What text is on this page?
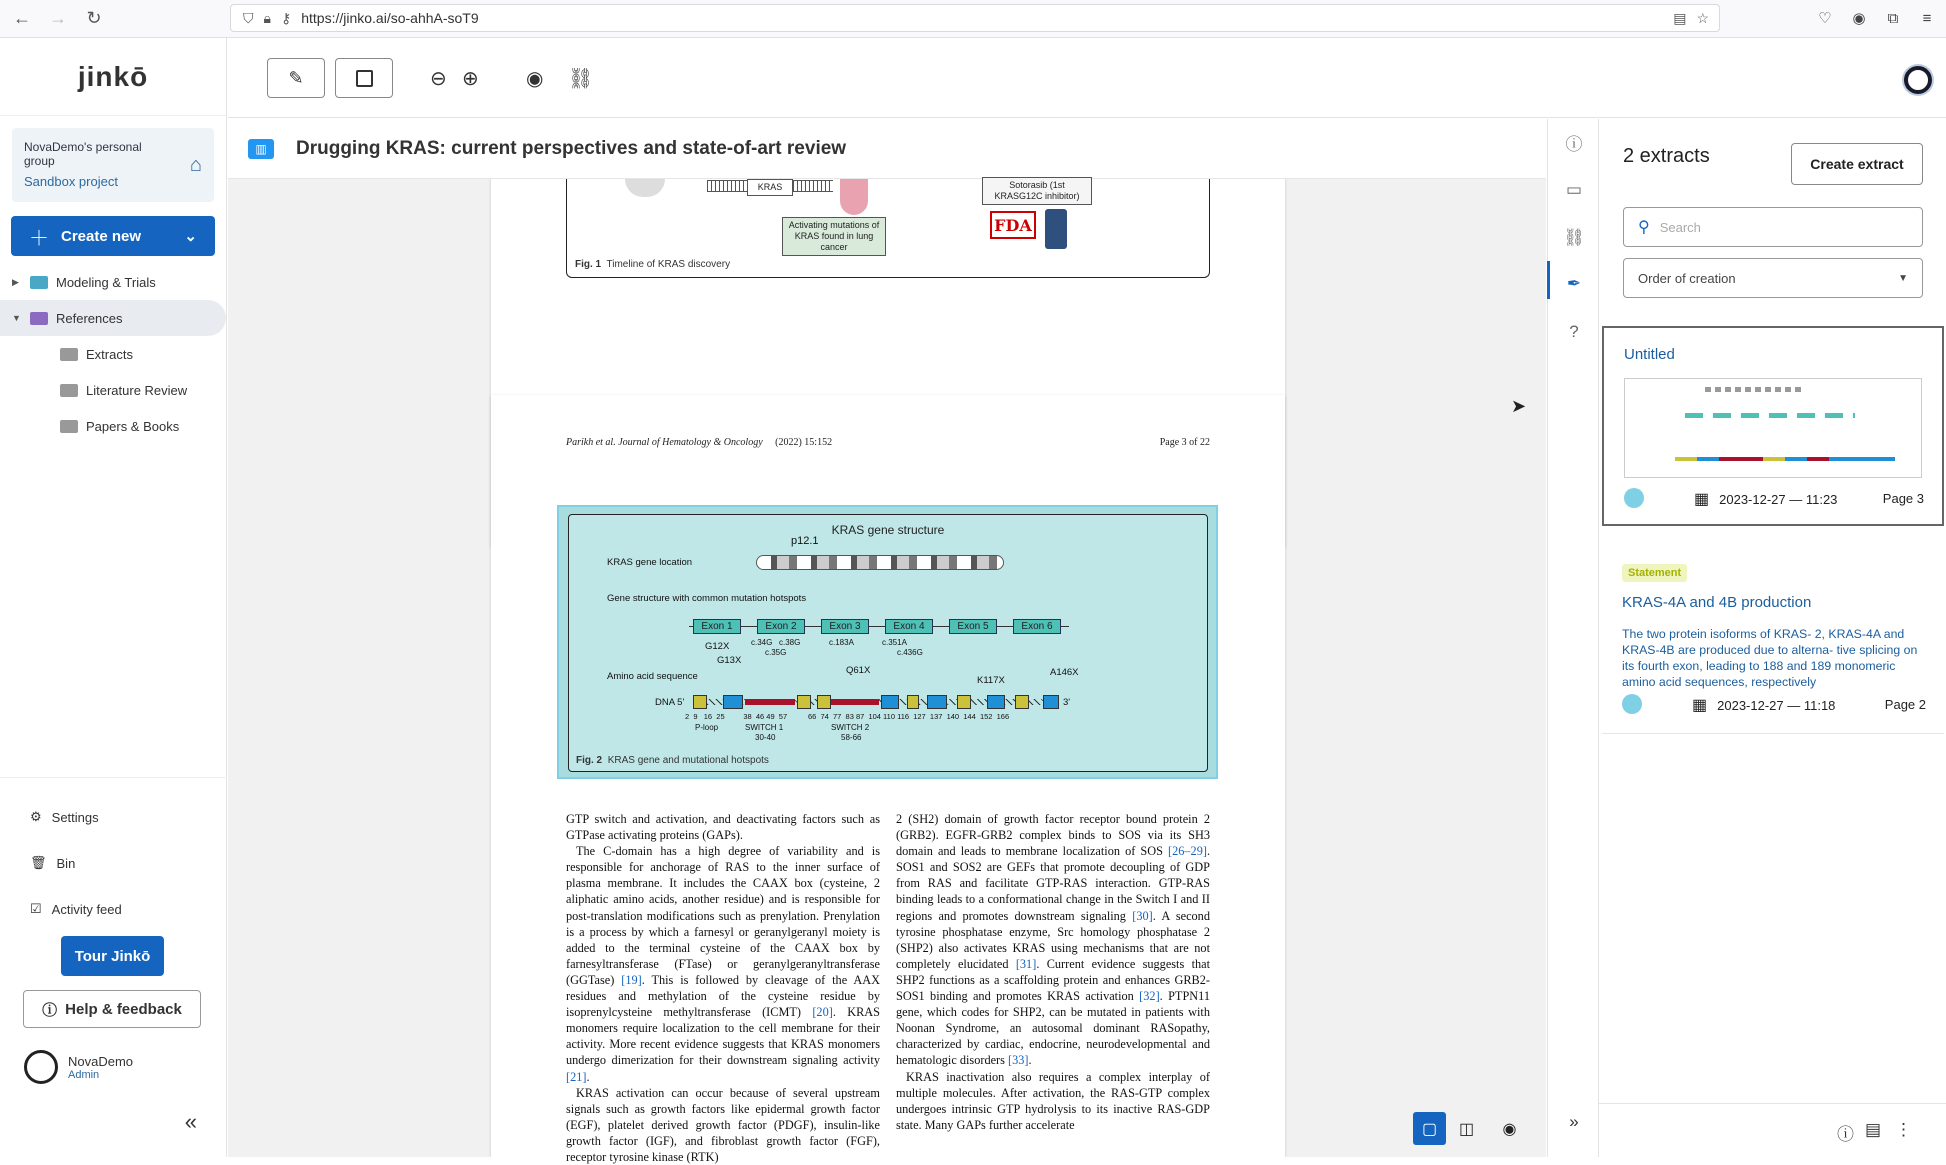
←	→	↻	⛉ 🔒︎ ⚷ https://jinko.ai/so-ahhA-soT9	▤ ☆	♡ ◉	⧉	≡
jinkō
NovaDemo's personal group
Sandbox project
⌂
＋ Create new	⌄
▶	Modeling & Trials
▼	References
Extracts
Literature Review
Papers & Books
⚙ Settings
🗑︎ Bin
☑ Activity feed
Tour Jinkō
ⓘ Help & feedback
NovaDemo
Admin
«
✎	⊖ ⊕ ◉ ⛓
▥	Drugging KRAS: current perspectives and state-of-art review
KRAS
Activating mutations of KRAS found in lung cancer
Sotorasib (1st KRASG12C inhibitor)
FDA
Fig. 1 Timeline of KRAS discovery
Parikh et al. Journal of Hematology & Oncology (2022) 15:152	Page 3 of 22
KRAS gene structure
p12.1
KRAS gene location
Gene structure with common mutation hotspots
Exon 1	Exon 2	Exon 3	Exon 4	Exon 5	Exon 6
c.34G
c.35G
c.38G	c.183A	c.351A
c.436G
G12X
G13X
Amino acid sequence
Q61X
K117X
A146X
DNA 5'	3'
2  9   16  25         38  46 49  57          66  74  77  83 87  104 110 116  127  137  140  144  152  166
P-loop	SWITCH 1
30-40
SWITCH 2
58-66
Fig. 2 KRAS gene and mutational hotspots

GTP switch and activation, and deactivating factors such as GTPase activating proteins (GAPs).

The C-domain has a high degree of variability and is responsible for anchorage of RAS to the inner surface of plasma membrane. It includes the CAAX box (cysteine, 2 aliphatic amino acids, another residue) and is responsible for post-translation modifications such as prenylation. Prenylation is a process by which a farnesyl or geranylgeranyl moiety is added to the terminal cysteine of the CAAX box by farnesyltransferase (FTase) or geranylgeranyltransferase (GGTase) [19]. This is followed by cleavage of the AAX residues and methylation of the cysteine residue by isoprenylcysteine methyltransferase (ICMT) [20]. KRAS monomers require localization to the cell membrane for their activity. More recent evidence suggests that KRAS monomers undergo dimerization for their downstream signaling activity [21].

KRAS activation can occur because of several upstream signals such as growth factors like epidermal growth factor (EGF), platelet derived growth factor (PDGF), insulin-like growth factor (IGF), and fibroblast growth factor (FGF), receptor tyrosine kinase (RTK)

2 (SH2) domain of growth factor receptor bound protein 2 (GRB2). EGFR-GRB2 complex binds to SOS via its SH3 domain and leads to membrane localization of SOS [26–29]. SOS1 and SOS2 are GEFs that promote decoupling of GDP from RAS and facilitate GTP-RAS interaction. GTP-RAS binding leads to a conformational change in the Switch I and II regions and promotes downstream signaling [30]. A second tyrosine phosphatase enzyme, Src homology phosphatase 2 (SHP2) also activates KRAS using mechanisms that are not completely elucidated [31]. Current evidence suggests that SHP2 functions as a scaffolding protein and enhances GRB2-SOS1 binding and promotes KRAS activation [32]. PTPN11 gene, which codes for SHP2, can be mutated in patients with Noonan Syndrome, an autosomal dominant RASopathy, characterized by cardiac, endocrine, neurodevelopmental and hematologic disorders [33].

KRAS inactivation also requires a complex interplay of multiple molecules. After activation, the RAS-GTP complex undergoes intrinsic GTP hydrolysis to its inactive RAS-GDP state. Many GAPs further accelerate	▢	◫	◉
ⓘ
▭
⛓
✒
?
»
2 extracts	Create extract
⚲ Search
Order of creation	▼
Untitled
▦ 2023-12-27 — 11:23	Page 3
Statement
KRAS-4A and 4B production
The two protein isoforms of KRAS- 2, KRAS-4A and KRAS-4B are produced due to alterna- tive splicing on its fourth exon, leading to 188 and 189 monomeric amino acid sequences, respectively
▦ 2023-12-27 — 11:18	Page 2
ⓘ ▤ ⋮
➤
